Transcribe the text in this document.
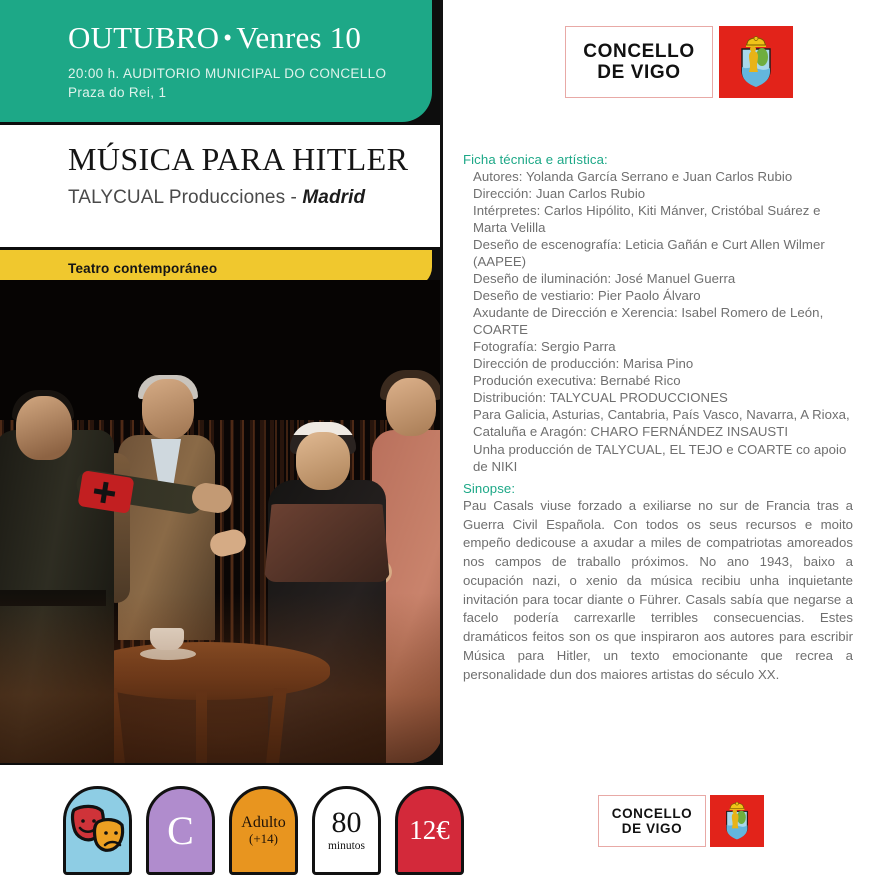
OUTUBRO • Venres 10
20:00 h. AUDITORIO MUNICIPAL DO CONCELLO
Praza do Rei, 1
MÚSICA PARA HITLER
TALYCUAL Producciones - Madrid
Teatro contemporáneo
CONCELLO
DE VIGO
Ficha técnica e artística:
Autores: Yolanda García Serrano e Juan Carlos Rubio
Dirección: Juan Carlos Rubio
Intérpretes: Carlos Hipólito, Kiti Mánver, Cristóbal Suárez e Marta Velilla
Deseño de escenografía: Leticia Gañán e Curt Allen Wilmer (AAPEE)
Deseño de iluminación: José Manuel Guerra
Deseño de vestiario: Pier Paolo Álvaro
Axudante de Dirección e Xerencia: Isabel Romero de León, COARTE
Fotografía: Sergio Parra
Dirección de producción: Marisa Pino
Produción executiva: Bernabé Rico
Distribución: TALYCUAL PRODUCCIONES
Para Galicia, Asturias, Cantabria, País Vasco, Navarra, A Rioxa, Cataluña e Aragón: CHARO FERNÁNDEZ INSAUSTI
Unha producción de TALYCUAL, EL TEJO e COARTE co apoio de NIKI
Sinopse:

Pau Casals viuse forzado a exiliarse no sur de Francia tras a Guerra Civil Española. Con todos os seus recursos e moito empeño dedicouse a axudar a miles de compatriotas amoreados nos campos de traballo próximos. No ano 1943, baixo a ocupación nazi, o xenio da música recibiu unha inquietante invitación para tocar diante o Führer. Casals sabía que negarse a facelo podería carrexarlle terribles consecuencias. Estes dramáticos feitos son os que inspiraron aos autores para escribir Música para Hitler, un texto emocionante que recrea a personalidade dun dos maiores artistas do século XX.

CONCELLO
DE VIGO
C	Adulto
(+14) 80
minutos
12€
